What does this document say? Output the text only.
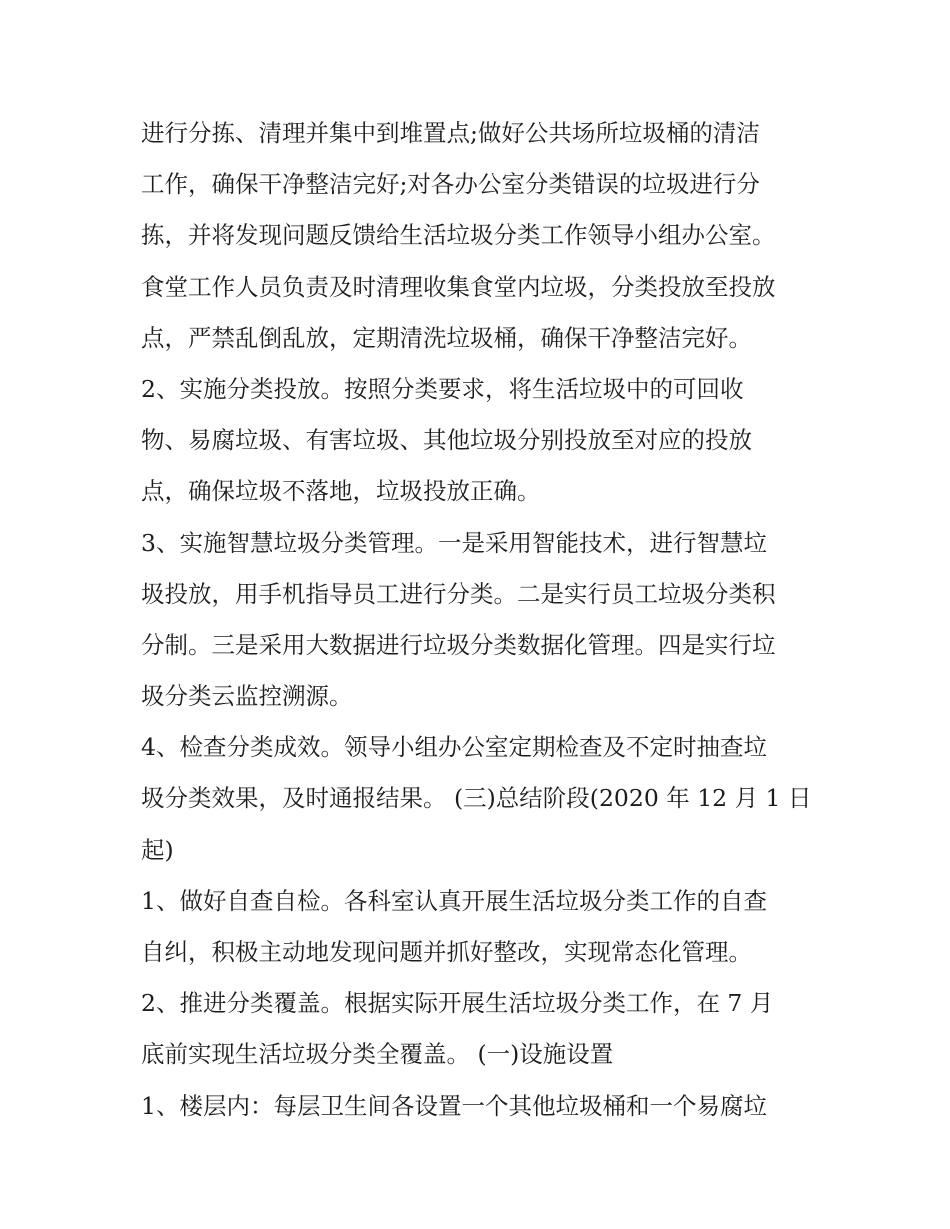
进行分拣、清理并集中到堆置点;做好公共场所垃圾桶的清洁

工作，确保干净整洁完好;对各办公室分类错误的垃圾进行分

拣，并将发现问题反馈给生活垃圾分类工作领导小组办公室。

食堂工作人员负责及时清理收集食堂内垃圾，分类投放至投放

点，严禁乱倒乱放，定期清洗垃圾桶，确保干净整洁完好。

2、实施分类投放。按照分类要求，将生活垃圾中的可回收

物、易腐垃圾、有害垃圾、其他垃圾分别投放至对应的投放

点，确保垃圾不落地，垃圾投放正确。

3、实施智慧垃圾分类管理。一是采用智能技术，进行智慧垃

圾投放，用手机指导员工进行分类。二是实行员工垃圾分类积

分制。三是采用大数据进行垃圾分类数据化管理。四是实行垃

圾分类云监控溯源。

4、检查分类成效。领导小组办公室定期检查及不定时抽查垃

圾分类效果，及时通报结果。 (三)总结阶段(2020 年 12 月 1 日

起)

1、做好自查自检。各科室认真开展生活垃圾分类工作的自查

自纠，积极主动地发现问题并抓好整改，实现常态化管理。

2、推进分类覆盖。根据实际开展生活垃圾分类工作，在 7 月

底前实现生活垃圾分类全覆盖。 (一)设施设置

1、楼层内：每层卫生间各设置一个其他垃圾桶和一个易腐垃
